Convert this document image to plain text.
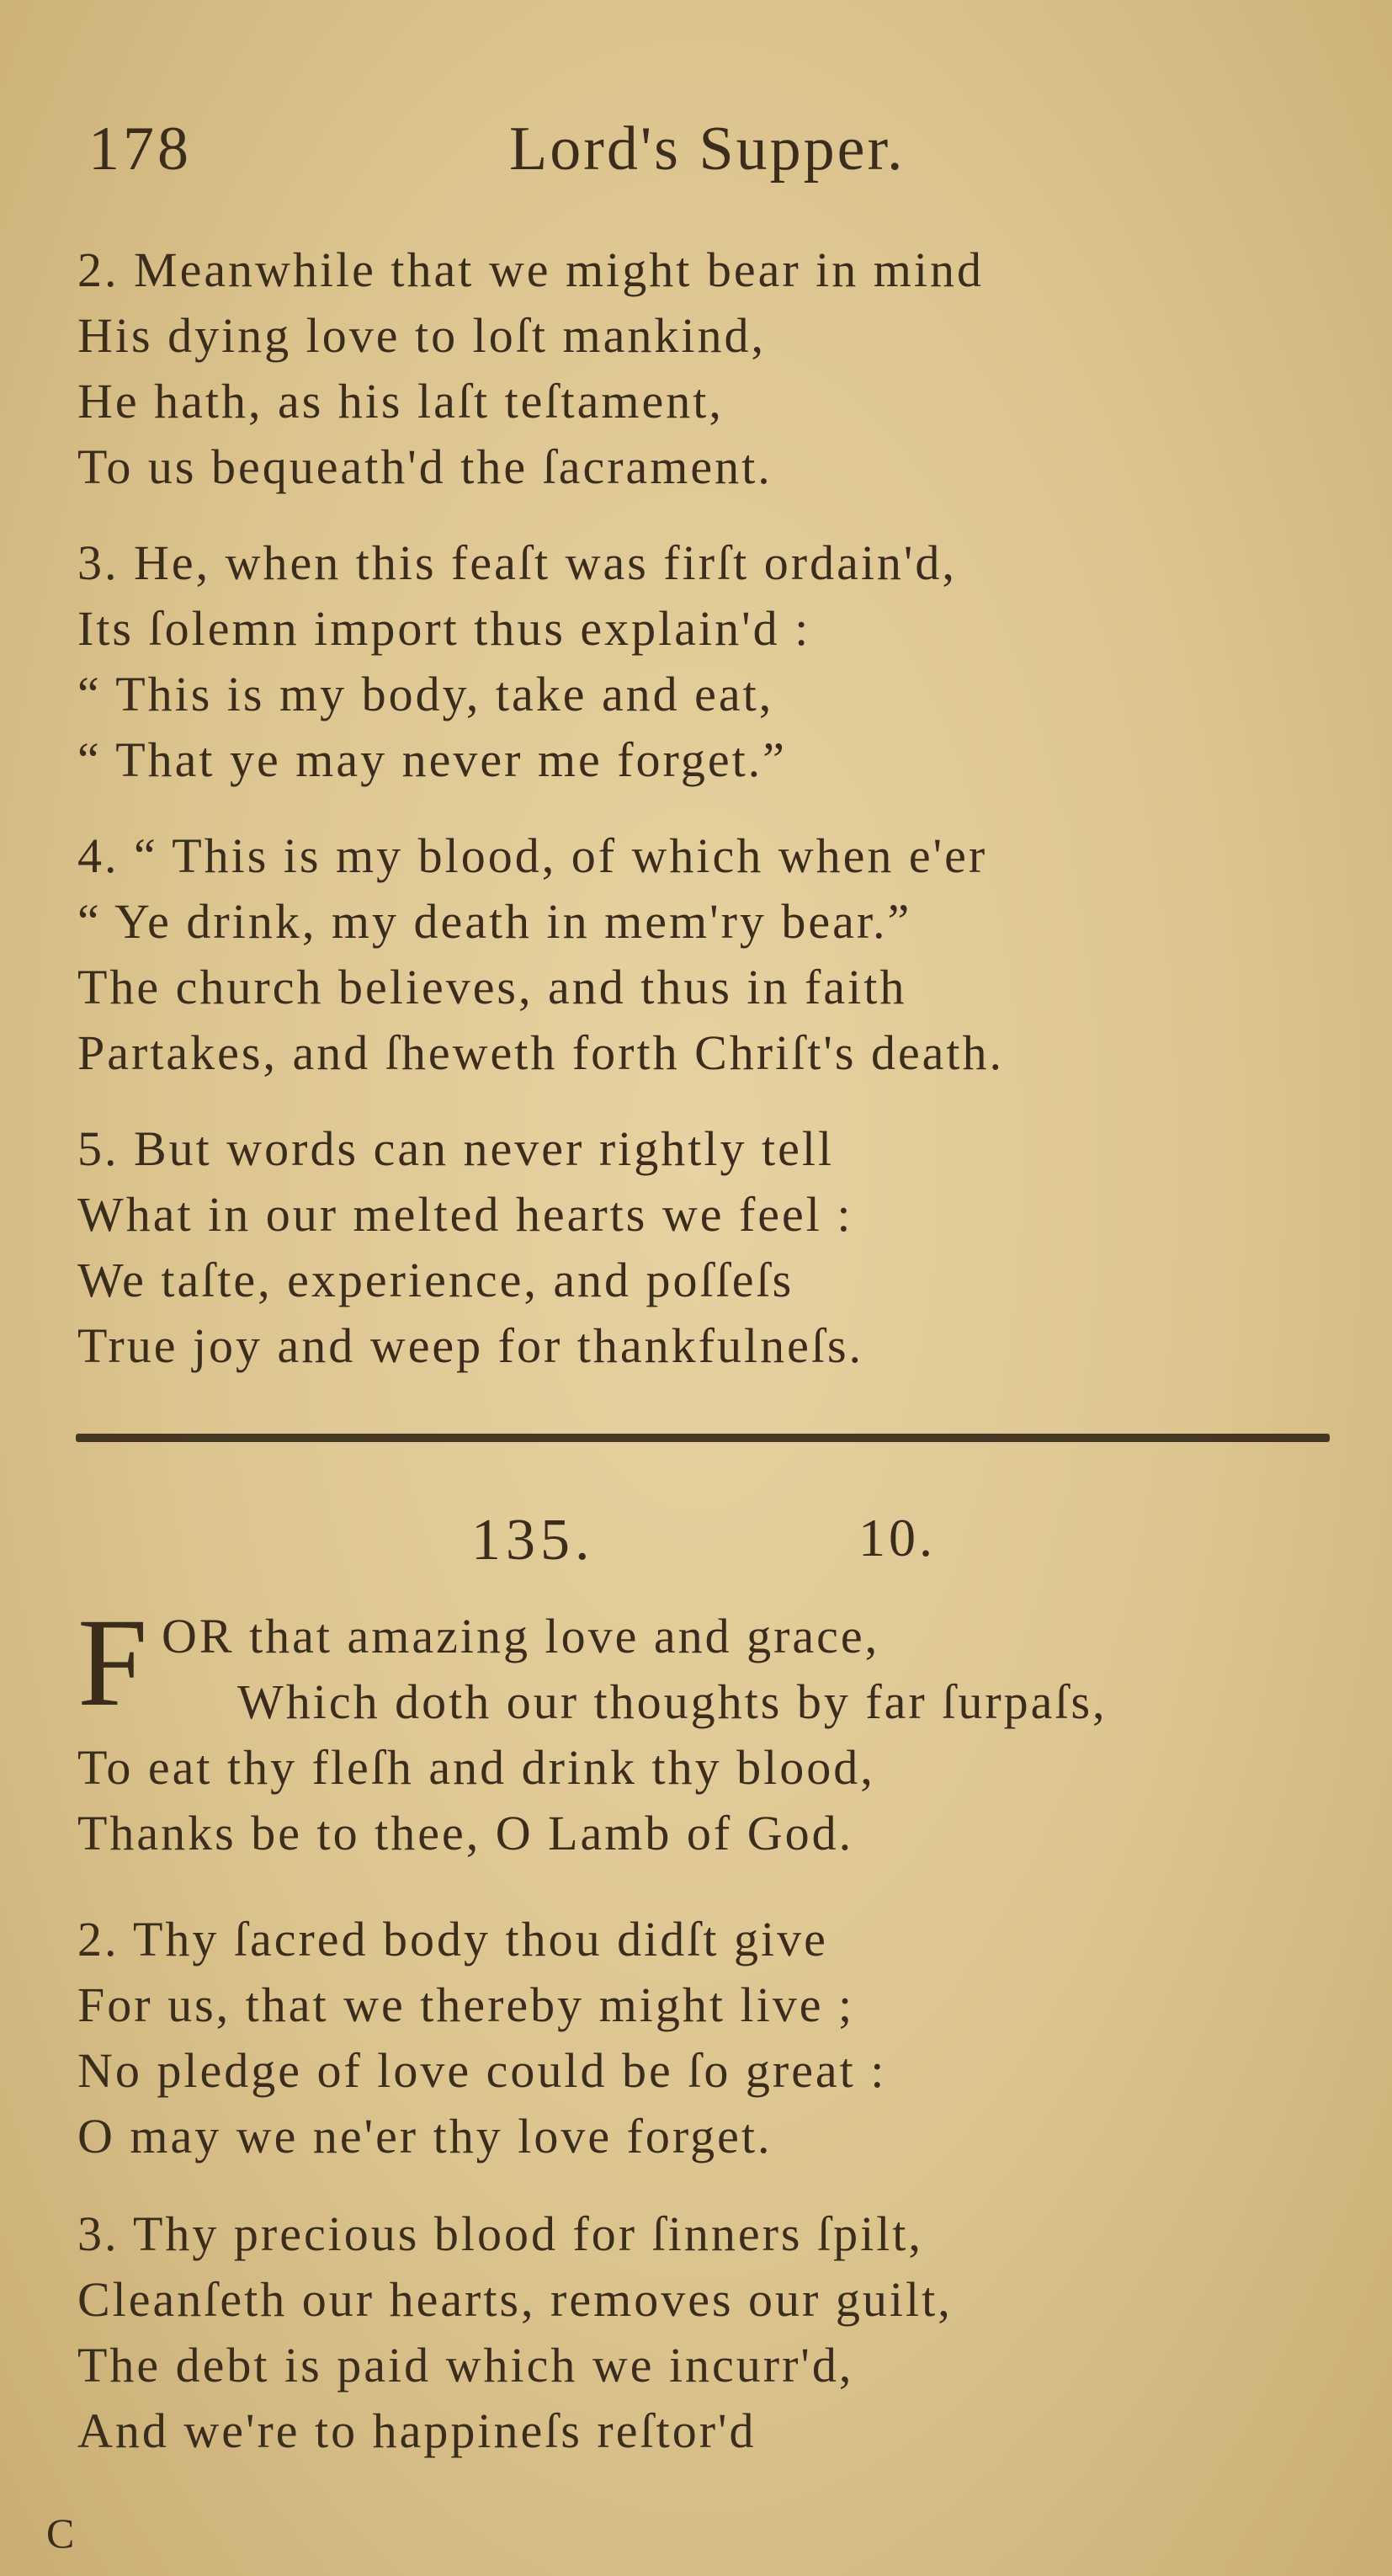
178	Lord's Supper.
2. Meanwhile that we might bear in mind
His dying love to loſt mankind,
He hath, as his laſt teſtament,
To us bequeath'd the ſacrament.
3. He, when this feaſt was firſt ordain'd,
Its ſolemn import thus explain'd :
“ This is my body, take and eat,
“ That ye may never me forget.”
4. “ This is my blood, of which when e'er
“ Ye drink, my death in mem'ry bear.”
The church believes, and thus in faith
Partakes, and ſheweth forth Chriſt's death.
5. But words can never rightly tell
What in our melted hearts we feel :
We taſte, experience, and poſſeſs
True joy and weep for thankfulneſs.
135.	10.
F OR that amazing love and grace,
Which doth our thoughts by far ſurpaſs,
To eat thy fleſh and drink thy blood,
Thanks be to thee, O Lamb of God.
2. Thy ſacred body thou didſt give
For us, that we thereby might live ;
No pledge of love could be ſo great :
O may we ne'er thy love forget.
3. Thy precious blood for ſinners ſpilt,
Cleanſeth our hearts, removes our guilt,
The debt is paid which we incurr'd,
And we're to happineſs reſtor'd
C
